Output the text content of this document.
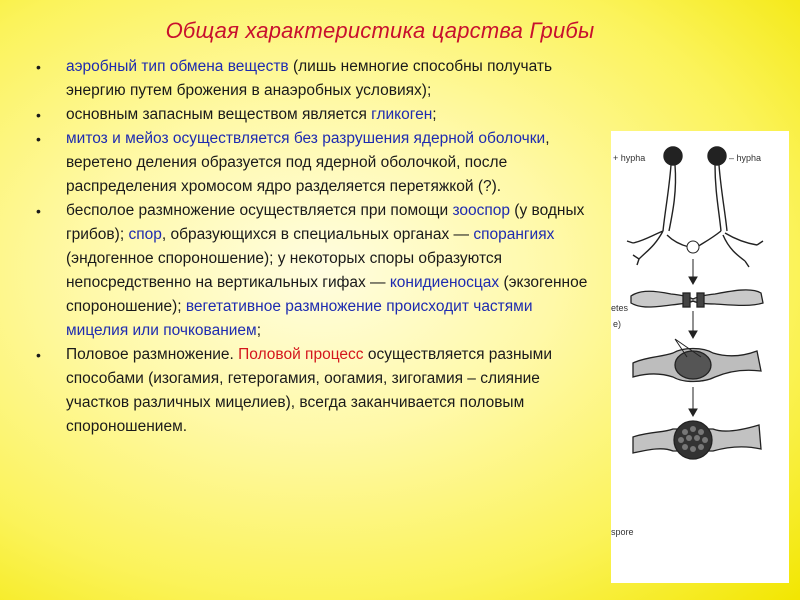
Общая характеристика царства Грибы
• аэробный тип обмена веществ (лишь немногие способны получать энергию путем брожения в анаэробных условиях);
• основным запасным веществом является гликоген;
• митоз и мейоз осуществляется без разрушения ядерной оболочки, веретено деления образуется под ядерной оболочкой, после распределения хромосом ядро разделяется перетяжкой (?).
• бесполое размножение осуществляется при помощи зооспор (у водных грибов); спор, образующихся в специальных органах — спорангиях (эндогенное спороношение); у некоторых споры образуются непосредственно на вертикальных гифах — конидиеносцах (экзогенное спороношение); вегетативное размножение происходит частями мицелия или почкованием;
• Половое размножение. Половой процесс осуществляется разными способами (изогамия, гетерогамия, оогамия, зигогамия – слияние участков различных мицелиев), всегда заканчивается половым спороношением.
+ hypha	– hypha
etes
e)
spore
